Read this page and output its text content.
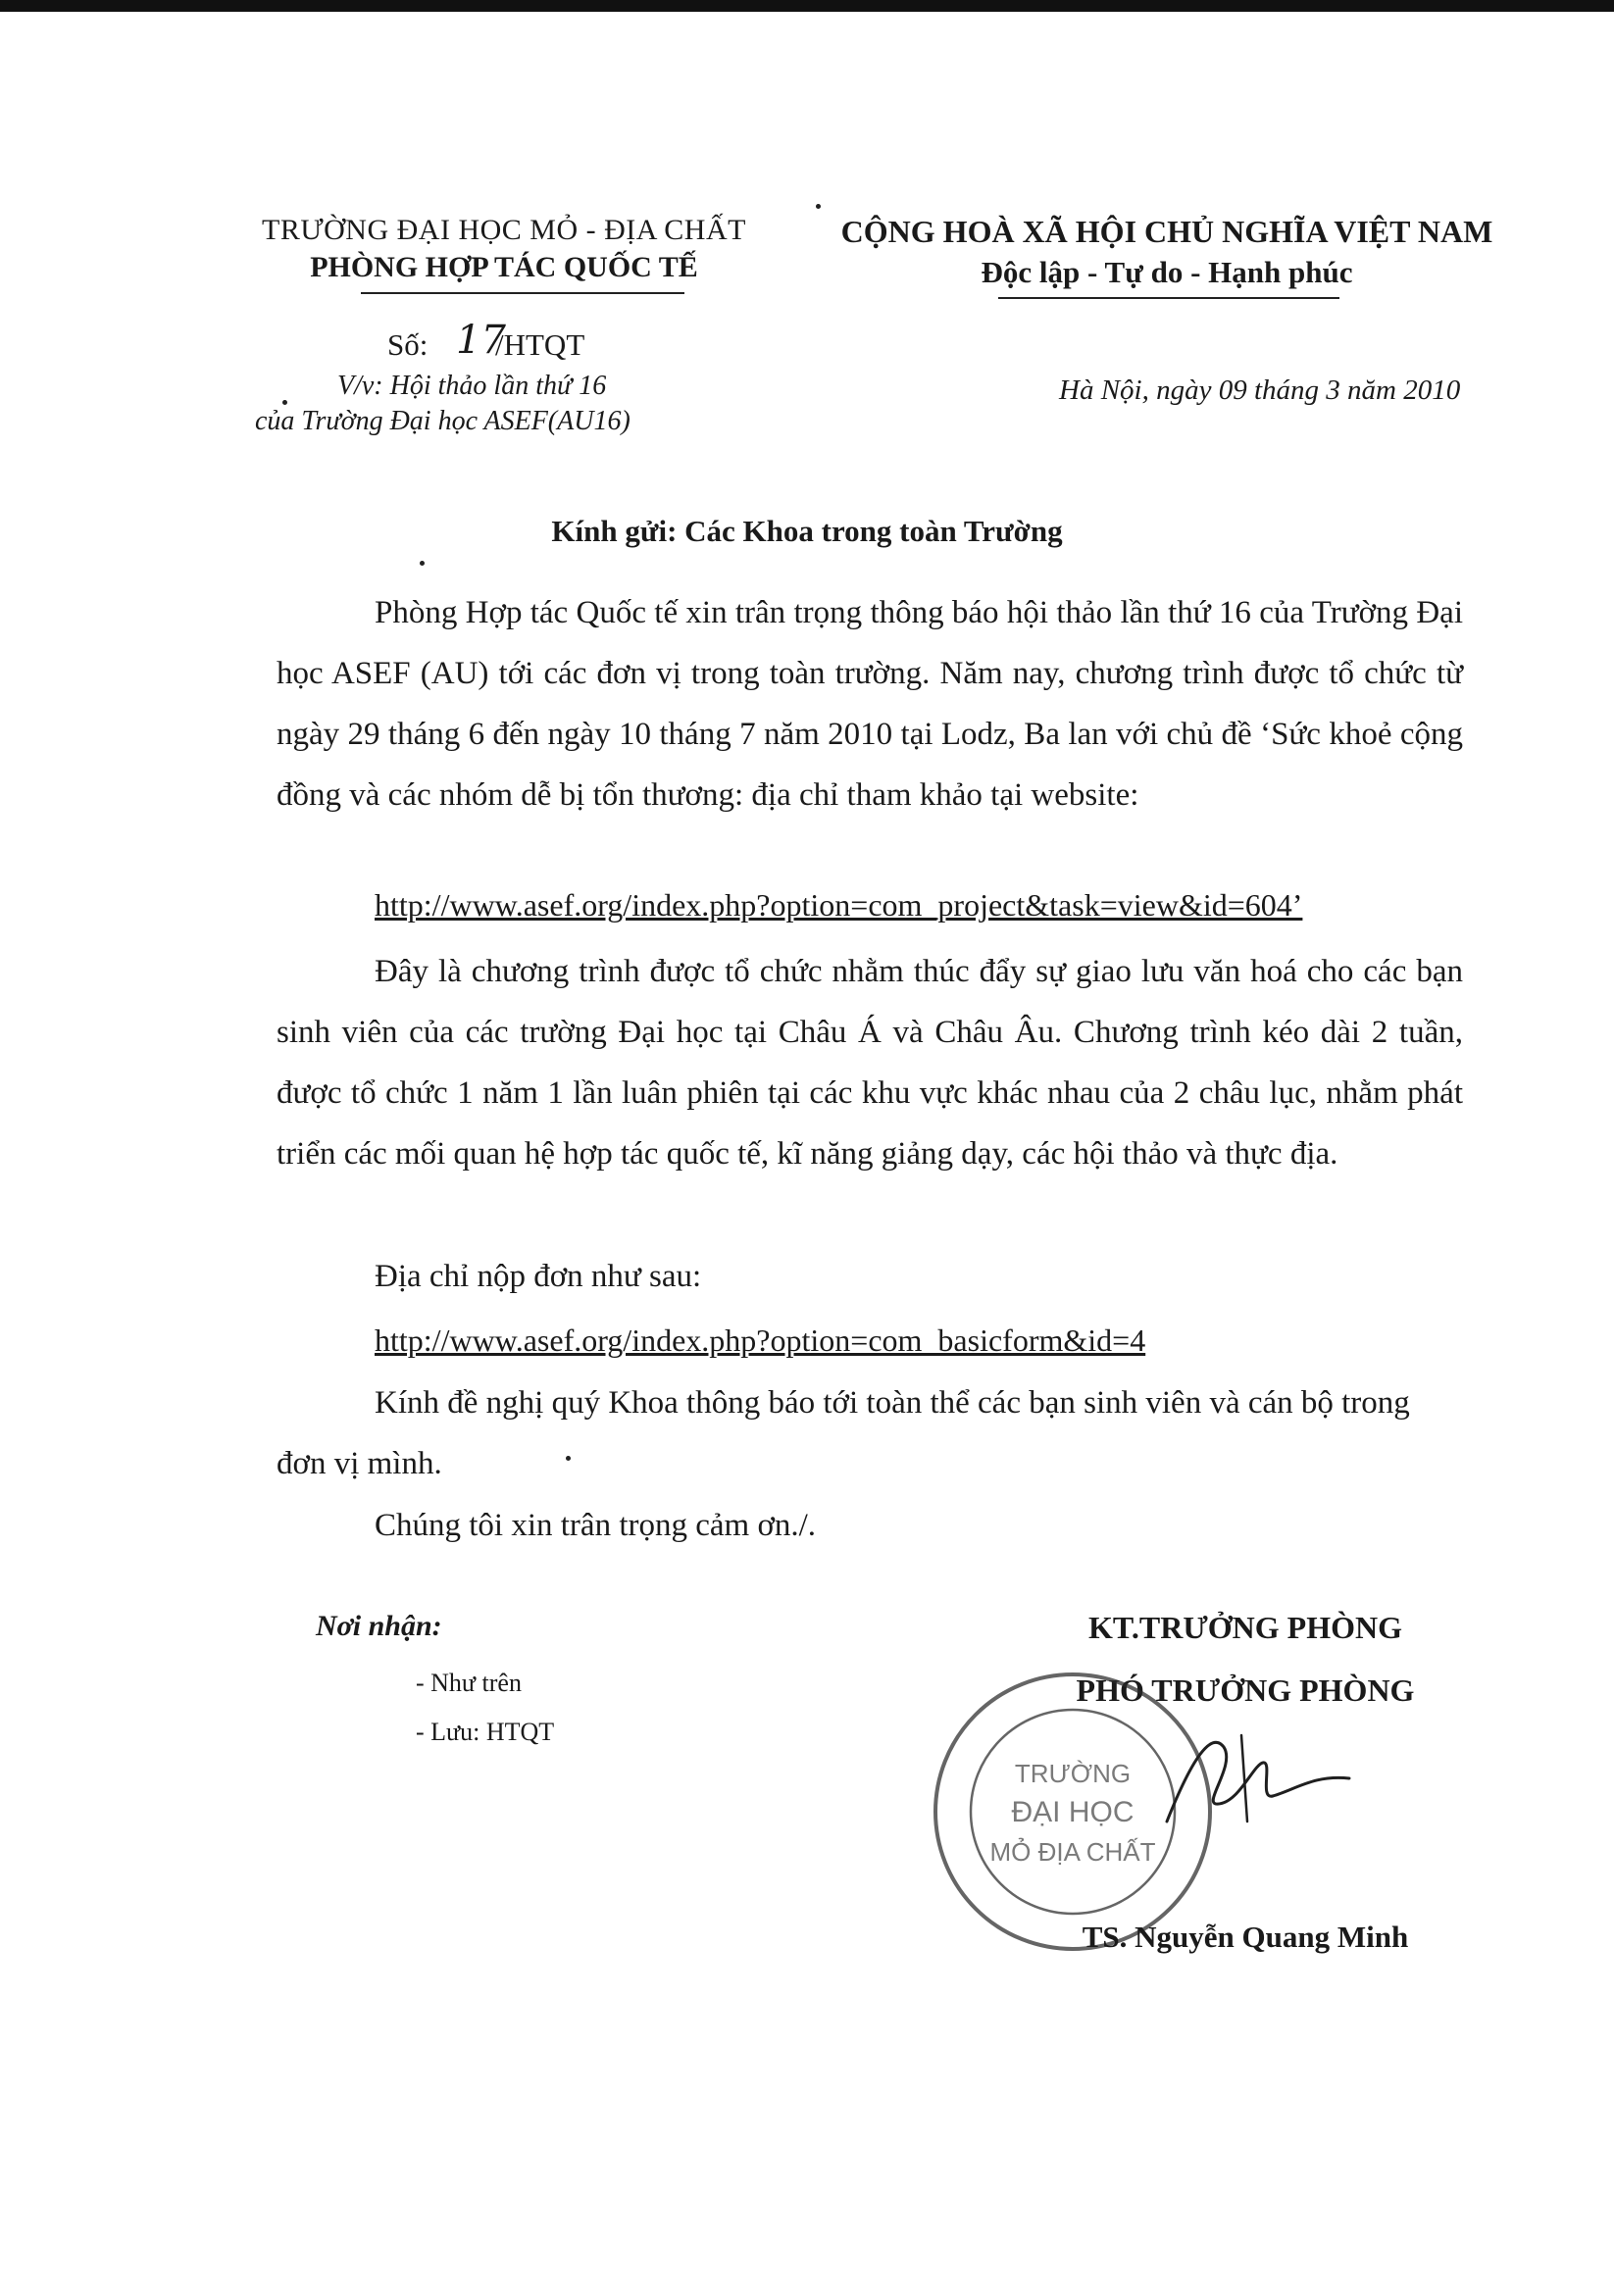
TRƯỜNG ĐẠI HỌC MỎ - ĐỊA CHẤT
PHÒNG HỢP TÁC QUỐC TẾ
CỘNG HOÀ XÃ HỘI CHỦ NGHĨA VIỆT NAM
Độc lập - Tự do - Hạnh phúc
Số: 17
/HTQT
V/v: Hội thảo lần thứ 16
của Trường Đại học ASEF(AU16)
Hà Nội, ngày 09 tháng 3 năm 2010
Kính gửi: Các Khoa trong toàn Trường
Phòng Hợp tác Quốc tế xin trân trọng thông báo hội thảo lần thứ 16 của Trường Đại học ASEF (AU) tới các đơn vị trong toàn trường. Năm nay, chương trình được tổ chức từ ngày 29 tháng 6 đến ngày 10 tháng 7 năm 2010 tại Lodz, Ba lan với chủ đề ‘Sức khoẻ cộng đồng và các nhóm dễ bị tổn thương: địa chỉ tham khảo tại website:
http://www.asef.org/index.php?option=com_project&task=view&id=604’
Đây là chương trình được tổ chức nhằm thúc đẩy sự giao lưu văn hoá cho các bạn sinh viên của các trường Đại học tại Châu Á và Châu Âu. Chương trình kéo dài 2 tuần, được tổ chức 1 năm 1 lần luân phiên tại các khu vực khác nhau của 2 châu lục, nhằm phát triển các mối quan hệ hợp tác quốc tế, kĩ năng giảng dạy, các hội thảo và thực địa.
Địa chỉ nộp đơn như sau:
http://www.asef.org/index.php?option=com_basicform&id=4
Kính đề nghị quý Khoa thông báo tới toàn thể các bạn sinh viên và cán bộ trong đơn vị mình.
Chúng tôi xin trân trọng cảm ơn./.
Nơi nhận:
- Như trên
- Lưu: HTQT
KT.TRƯỞNG PHÒNG
PHÓ TRƯỞNG PHÒNG
TRƯỜNG
ĐẠI HỌC
MỎ ĐỊA CHẤT
TS. Nguyễn Quang Minh
